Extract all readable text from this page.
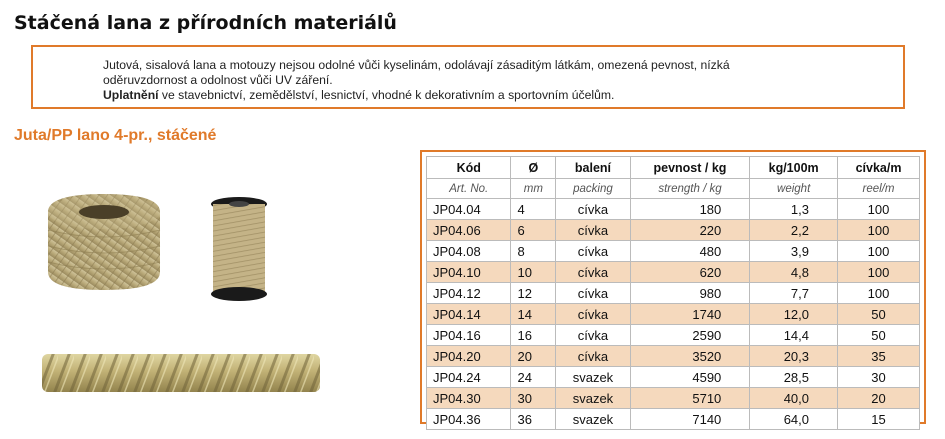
Stáčená lana z přírodních materiálů
Jutová, sisalová lana a motouzy nejsou odolné vůči kyselinám, odolávají zásaditým látkám, omezená pevnost, nízká
oděruvzdornost a odolnost vůči UV záření.
Uplatnění ve stavebnictví, zemědělství, lesnictví, vhodné k dekorativním a sportovním účelům.
Juta/PP lano 4-pr., stáčené
Kód	Ø	balení	pevnost / kg	kg/100m	cívka/m
Art. No.	mm	packing	strength / kg	weight	reel/m
JP04.04	4	cívka	180	1,3	100
JP04.06	6	cívka	220	2,2	100
JP04.08	8	cívka	480	3,9	100
JP04.10	10	cívka	620	4,8	100
JP04.12	12	cívka	980	7,7	100
JP04.14	14	cívka	1740	12,0	50
JP04.16	16	cívka	2590	14,4	50
JP04.20	20	cívka	3520	20,3	35
JP04.24	24	svazek	4590	28,5	30
JP04.30	30	svazek	5710	40,0	20
JP04.36	36	svazek	7140	64,0	15
